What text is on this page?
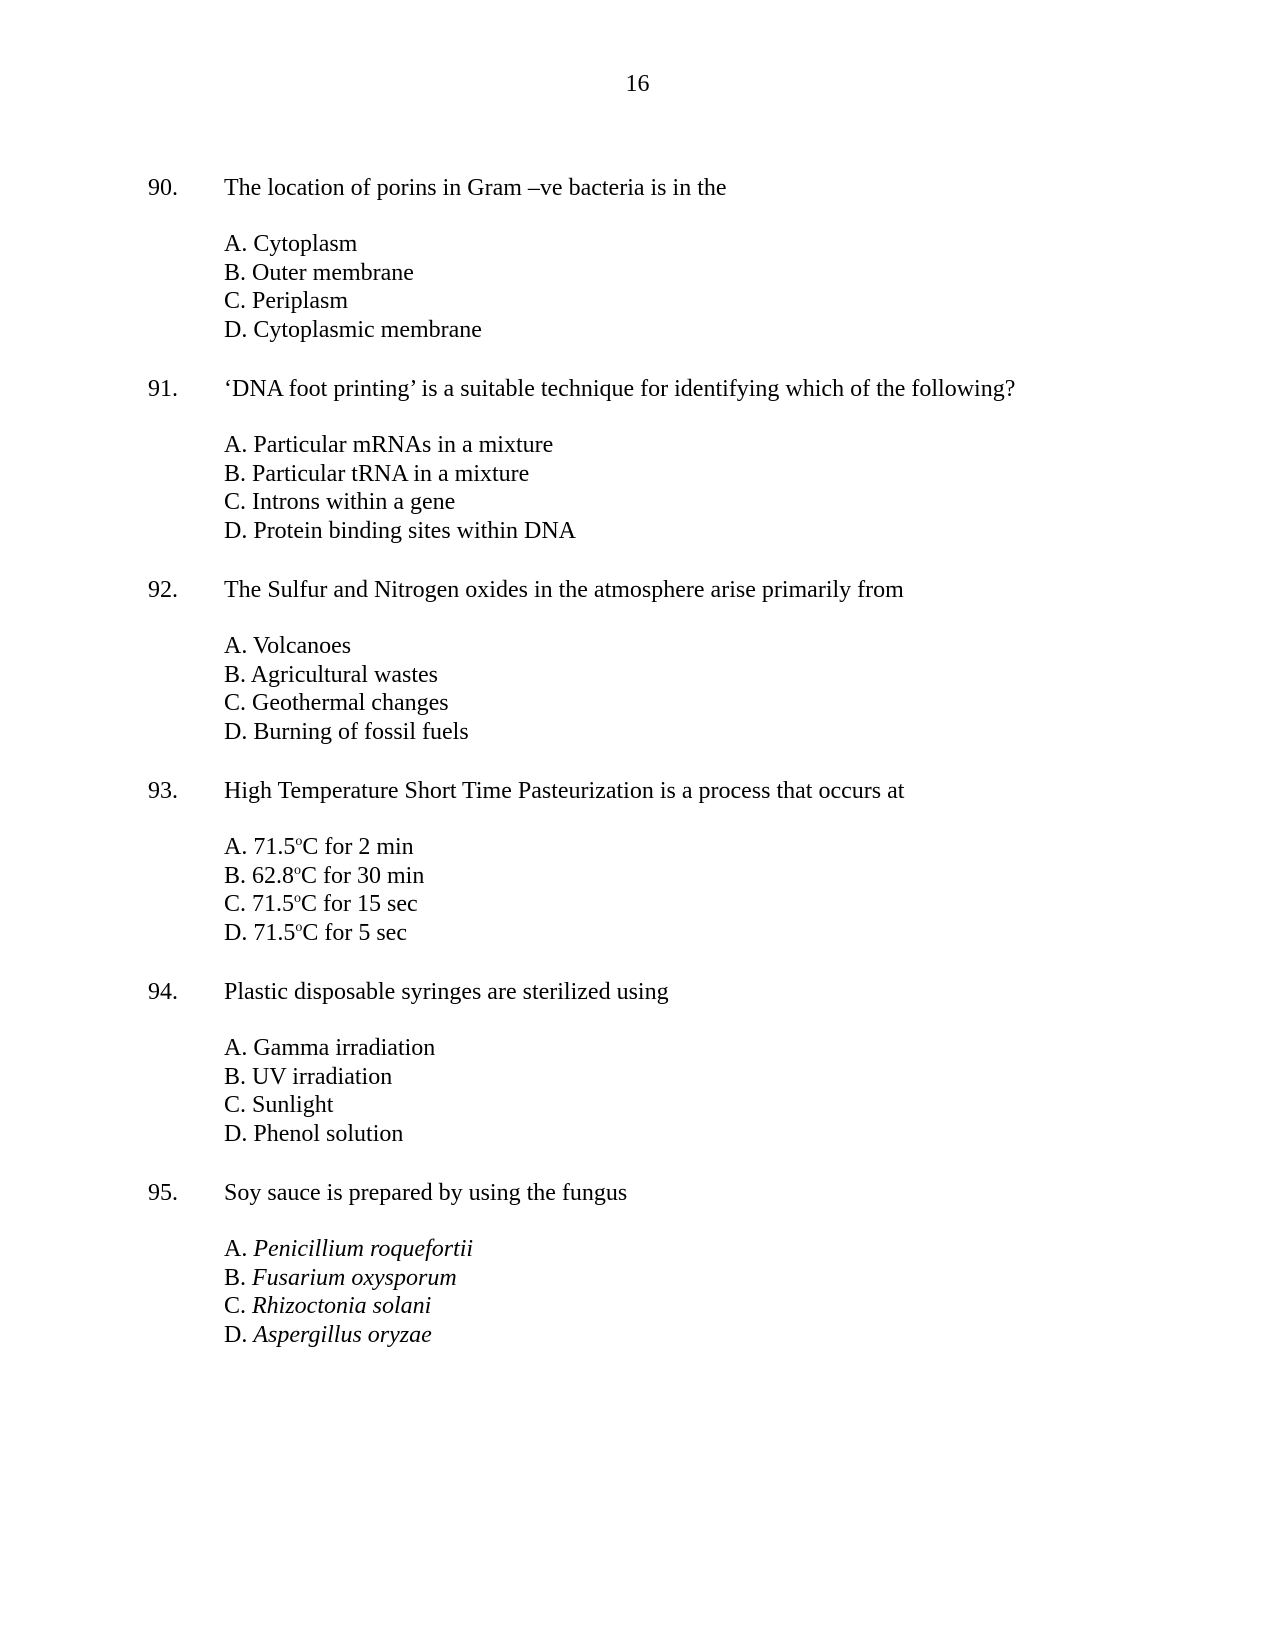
16
90. The location of porins in Gram –ve bacteria is in the
A. Cytoplasm
B. Outer membrane
C. Periplasm
D. Cytoplasmic membrane
91. ‘DNA foot printing’ is a suitable technique for identifying which of the following?
A. Particular mRNAs in a mixture
B. Particular tRNA in a mixture
C. Introns within a gene
D. Protein binding sites within DNA
92. The Sulfur and Nitrogen oxides in the atmosphere arise primarily from
A. Volcanoes
B. Agricultural wastes
C. Geothermal changes
D. Burning of fossil fuels
93. High Temperature Short Time Pasteurization is a process that occurs at
A. 71.5$^o$C for 2 min
B. 62.8$^o$C for 30 min
C. 71.5$^o$C for 15 sec
D. 71.5$^o$C for 5 sec
94. Plastic disposable syringes are sterilized using
A. Gamma irradiation
B. UV irradiation
C. Sunlight
D. Phenol solution
95. Soy sauce is prepared by using the fungus
A. Penicillium roquefortii
B. Fusarium oxysporum
C. Rhizoctonia solani
D. Aspergillus oryzae
